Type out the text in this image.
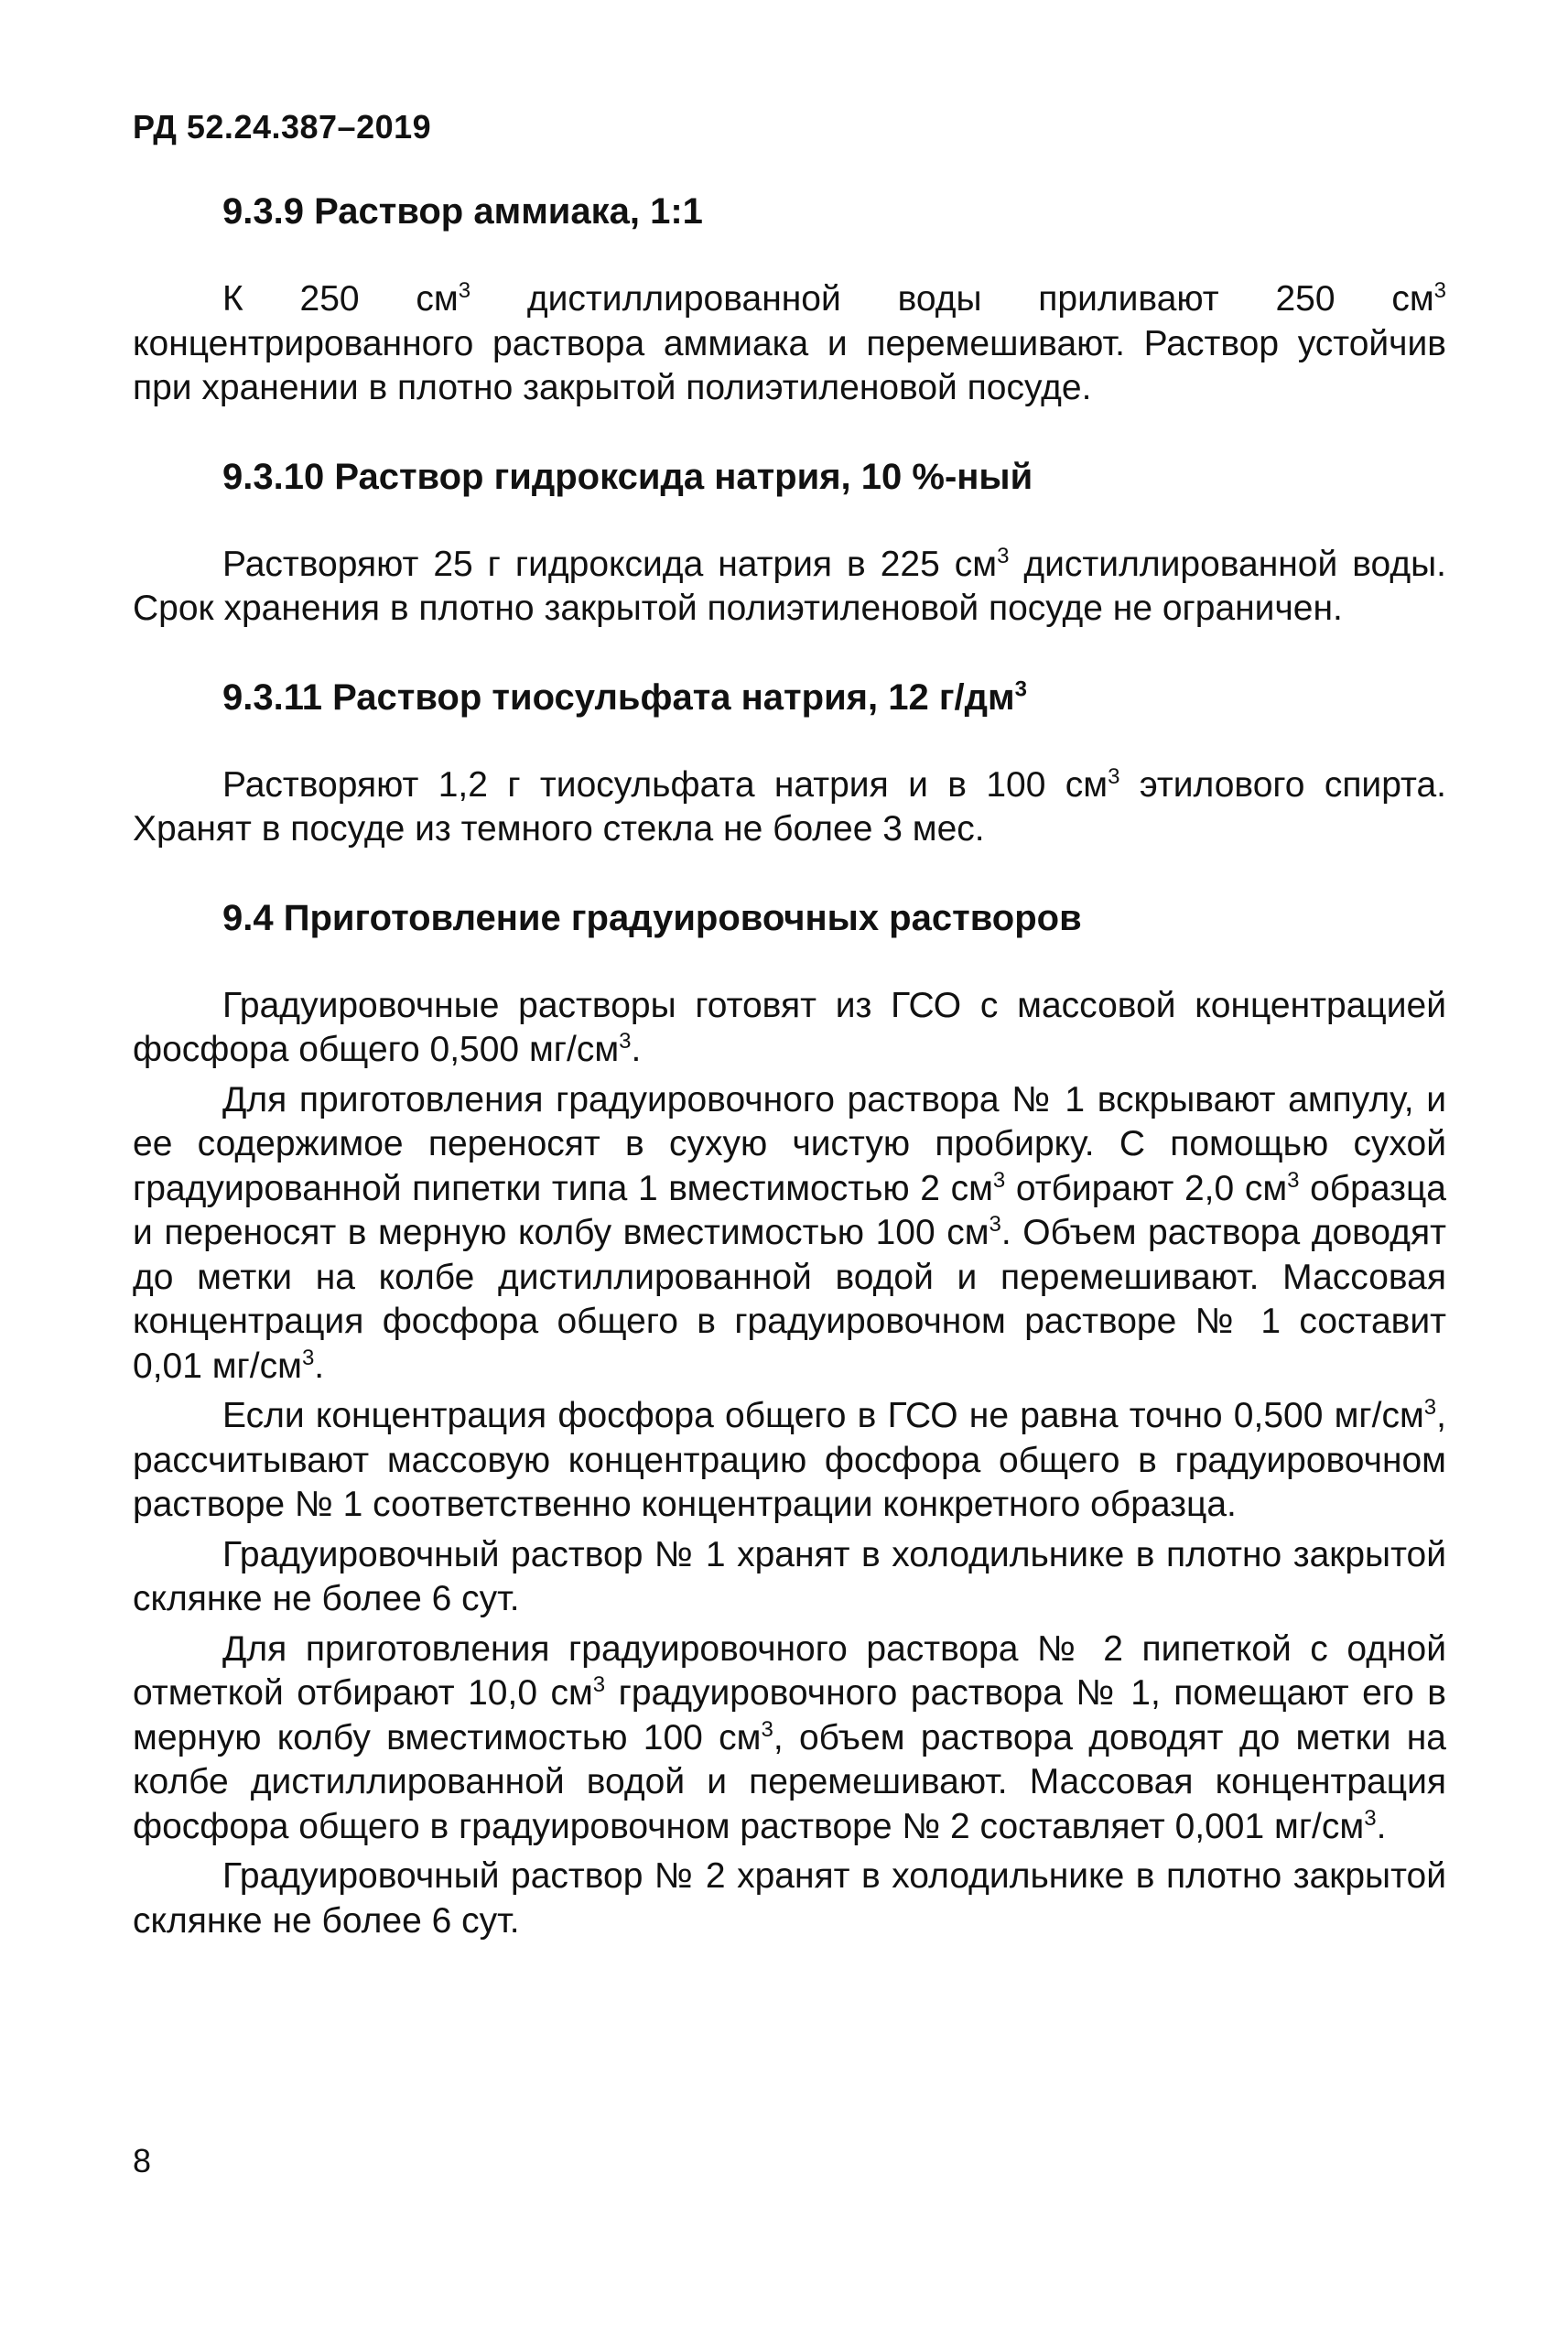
РД 52.24.387–2019
9.3.9 Раствор аммиака, 1:1

К 250 $см^3$ дистиллированной воды приливают 250 $см^3$ концентрированного раствора аммиака и перемешивают. Раствор устойчив при хранении в плотно закрытой полиэтиленовой посуде.

9.3.10 Раствор гидроксида натрия, 10 %-ный

Растворяют 25 г гидроксида натрия в 225 $см^3$ дистиллированной воды. Срок хранения в плотно закрытой полиэтиленовой посуде не ограничен.

9.3.11 Раствор тиосульфата натрия, 12 $г/дм^3$

Растворяют 1,2 г тиосульфата натрия и в 100 $см^3$ этилового спирта. Хранят в посуде из темного стекла не более 3 мес.

9.4 Приготовление градуировочных растворов

Градуировочные растворы готовят из ГСО с массовой концентрацией фосфора общего 0,500 $мг/см^3$.

Для приготовления градуировочного раствора № 1 вскрывают ампулу, и ее содержимое переносят в сухую чистую пробирку. С помощью сухой градуированной пипетки типа 1 вместимостью 2 $см^3$ отбирают 2,0 $см^3$ образца и переносят в мерную колбу вместимостью 100 $см^3$. Объем раствора доводят до метки на колбе дистиллированной водой и перемешивают. Массовая концентрация фосфора общего в градуировочном растворе № 1 составит 0,01 $мг/см^3$.

Если концентрация фосфора общего в ГСО не равна точно 0,500 $мг/см^3$, рассчитывают массовую концентрацию фосфора общего в градуировочном растворе № 1 соответственно концентрации конкретного образца.

Градуировочный раствор № 1 хранят в холодильнике в плотно закрытой склянке не более 6 сут.

Для приготовления градуировочного раствора № 2 пипеткой с одной отметкой отбирают 10,0 $см^3$ градуировочного раствора № 1, помещают его в мерную колбу вместимостью 100 $см^3$, объем раствора доводят до метки на колбе дистиллированной водой и перемешивают. Массовая концентрация фосфора общего в градуировочном растворе № 2 составляет 0,001 $мг/см^3$.

Градуировочный раствор № 2 хранят в холодильнике в плотно закрытой склянке не более 6 сут.

8
